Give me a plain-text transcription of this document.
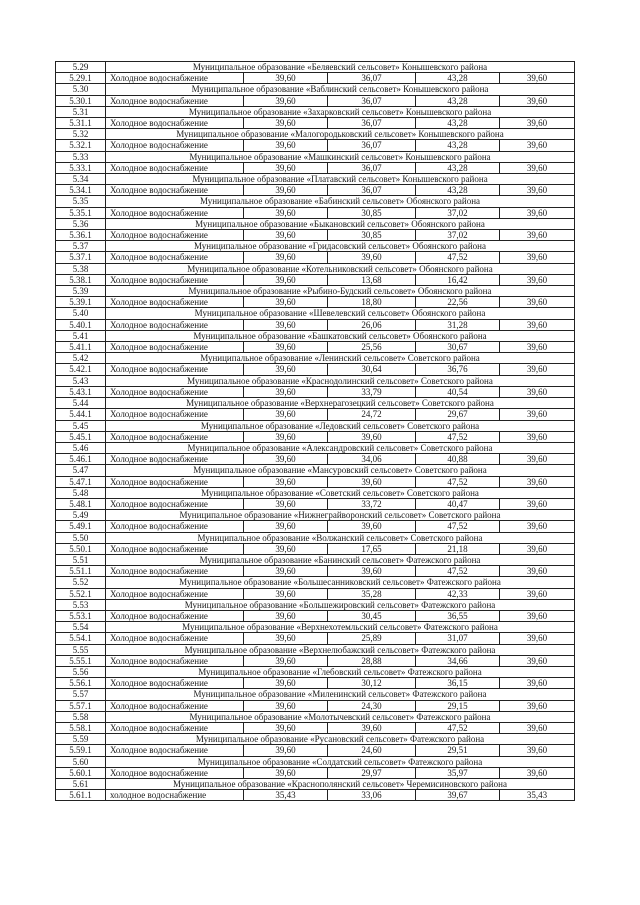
5.29	Муниципальное образование «Беляевский сельсовет» Конышевского района				
5.29.1	Холодное водоснабжение	39,60	36,07	43,28	39,60
5.30	Муниципальное образование «Ваблинский сельсовет» Конышевского района				
5.30.1	Холодное водоснабжение	39,60	36,07	43,28	39,60
5.31	Муниципальное образование «Захарковский сельсовет» Конышевского района				
5.31.1	Холодное водоснабжение	39,60	36,07	43,28	39,60
5.32	Муниципальное образование «Малогородьковский сельсовет» Конышевского района				
5.32.1	Холодное водоснабжение	39,60	36,07	43,28	39,60
5.33	Муниципальное образование «Машкинский сельсовет» Конышевского района				
5.33.1	Холодное водоснабжение	39,60	36,07	43,28	39,60
5.34	Муниципальное образование «Платавский сельсовет» Конышевского района				
5.34.1	Холодное водоснабжение	39,60	36,07	43,28	39,60
5.35	Муниципальное образование «Бабинский сельсовет» Обоянского района				
5.35.1	Холодное водоснабжение	39,60	30,85	37,02	39,60
5.36	Муниципальное образование «Быкановский сельсовет» Обоянского района				
5.36.1	Холодное водоснабжение	39,60	30,85	37,02	39,60
5.37	Муниципальное образование «Гридасовский сельсовет» Обоянского района				
5.37.1	Холодное водоснабжение	39,60	39,60	47,52	39,60
5.38	Муниципальное образование «Котельниковский сельсовет» Обоянского района				
5.38.1	Холодное водоснабжение	39,60	13,68	16,42	39,60
5.39	Муниципальное образование «Рыбино-Будский сельсовет» Обоянского района				
5.39.1	Холодное водоснабжение	39,60	18,80	22,56	39,60
5.40	Муниципальное образование «Шевелевский сельсовет» Обоянского района				
5.40.1	Холодное водоснабжение	39,60	26,06	31,28	39,60
5.41	Муниципальное образование «Башкатовский сельсовет» Обоянского района				
5.41.1	Холодное водоснабжение	39,60	25,56	30,67	39,60
5.42	Муниципальное образование «Ленинский сельсовет» Советского района				
5.42.1	Холодное водоснабжение	39,60	30,64	36,76	39,60
5.43	Муниципальное образование «Краснодолинский сельсовет» Советского района				
5.43.1	Холодное водоснабжение	39,60	33,79	40,54	39,60
5.44	Муниципальное образование «Верхнерагозецкий сельсовет» Советского района				
5.44.1	Холодное водоснабжение	39,60	24,72	29,67	39,60
5.45	Муниципальное образование «Ледовский сельсовет» Советского района				
5.45.1	Холодное водоснабжение	39,60	39,60	47,52	39,60
5.46	Муниципальное образование «Александровский сельсовет» Советского района				
5.46.1	Холодное водоснабжение	39,60	34,06	40,88	39,60
5.47	Муниципальное образование «Мансуровский сельсовет» Советского района				
5.47.1	Холодное водоснабжение	39,60	39,60	47,52	39,60
5.48	Муниципальное образование «Советский сельсовет» Советского района				
5.48.1	Холодное водоснабжение	39,60	33,72	40,47	39,60
5.49	Муниципальное образование «Нижнеграйворонский сельсовет» Советского района				
5.49.1	Холодное водоснабжение	39,60	39,60	47,52	39,60
5.50	Муниципальное образование «Волжанский сельсовет» Советского района				
5.50.1	Холодное водоснабжение	39,60	17,65	21,18	39,60
5.51	Муниципальное образование «Банинский сельсовет» Фатежского района				
5.51.1	Холодное водоснабжение	39,60	39,60	47,52	39,60
5.52	Муниципальное образование «Большесанниковский сельсовет» Фатежского района				
5.52.1	Холодное водоснабжение	39,60	35,28	42,33	39,60
5.53	Муниципальное образование «Большежировский сельсовет» Фатежского района				
5.53.1	Холодное водоснабжение	39,60	30,45	36,55	39,60
5.54	Муниципальное образование «Верхнехотемльский сельсовет» Фатежского района				
5.54.1	Холодное водоснабжение	39,60	25,89	31,07	39,60
5.55	Муниципальное образование «Верхнелюбажский сельсовет» Фатежского района				
5.55.1	Холодное водоснабжение	39,60	28,88	34,66	39,60
5.56	Муниципальное образование «Глебовский сельсовет» Фатежского района				
5.56.1	Холодное водоснабжение	39,60	30,12	36,15	39,60
5.57	Муниципальное образование «Миленинский сельсовет» Фатежского района				
5.57.1	Холодное водоснабжение	39,60	24,30	29,15	39,60
5.58	Муниципальное образование «Молотычевский сельсовет» Фатежского района				
5.58.1	Холодное водоснабжение	39,60	39,60	47,52	39,60
5.59	Муниципальное образование «Русановский сельсовет» Фатежского района				
5.59.1	Холодное водоснабжение	39,60	24,60	29,51	39,60
5.60	Муниципальное образование «Солдатский сельсовет» Фатежского района				
5.60.1	Холодное водоснабжение	39,60	29,97	35,97	39,60
5.61	Муниципальное образование «Краснополянский сельсовет» Черемисиновского района				
5.61.1	холодное водоснабжение	35,43	33,06	39,67	35,43
